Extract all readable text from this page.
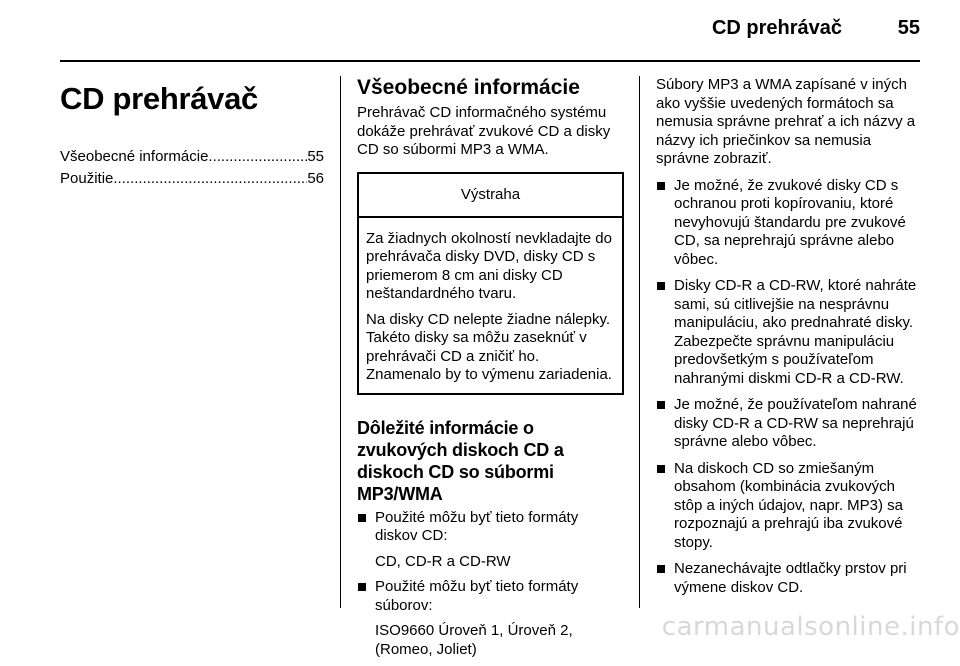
CD prehrávač	55
CD prehrávač
Všeobecné informácie .....	55
Použitie .....	56
Všeobecné informácie

Prehrávač CD informačného systému dokáže prehrávať zvukové CD a disky CD so súbormi MP3 a WMA.

Výstraha

Za žiadnych okolností nevkladajte do prehrávača disky DVD, disky CD s priemerom 8 cm ani disky CD neštandardného tvaru.

Na disky CD nelepte žiadne nálepky. Takéto disky sa môžu zaseknúť v prehrávači CD a zničiť ho. Znamenalo by to výmenu zariadenia.

Dôležité informácie o zvukových diskoch CD a diskoch CD so súbormi MP3/WMA
Použité môžu byť tieto formáty diskov CD:
CD, CD-R a CD-RW
Použité môžu byť tieto formáty súborov:
ISO9660 Úroveň 1, Úroveň 2, (Romeo, Joliet)

Súbory MP3 a WMA zapísané v iných ako vyššie uvedených formátoch sa nemusia správne prehrať a ich názvy a názvy ich priečinkov sa nemusia správne zobraziť.

Je možné, že zvukové disky CD s ochranou proti kopírovaniu, ktoré nevyhovujú štandardu pre zvukové CD, sa neprehrajú správne alebo vôbec.
Disky CD-R a CD-RW, ktoré nahráte sami, sú citlivejšie na nesprávnu manipuláciu, ako prednahraté disky. Zabezpečte správnu manipuláciu predovšetkým s používateľom nahranými diskmi CD-R a CD-RW.
Je možné, že používateľom nahrané disky CD-R a CD-RW sa neprehrajú správne alebo vôbec.
Na diskoch CD so zmiešaným obsahom (kombinácia zvukových stôp a iných údajov, napr. MP3) sa rozpoznajú a prehrajú iba zvukové stopy.
Nezanechávajte odtlačky prstov pri výmene diskov CD.
carmanualsonline.info
